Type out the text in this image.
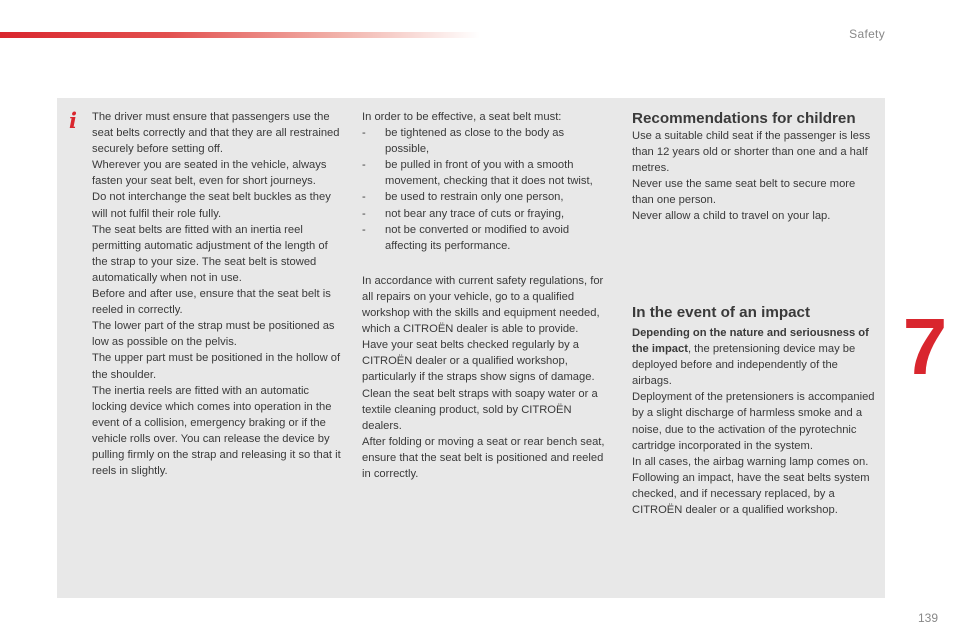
Safety
i The driver must ensure that passengers use the seat belts correctly and that they are all restrained securely before setting off.

Wherever you are seated in the vehicle, always fasten your seat belt, even for short journeys.

Do not interchange the seat belt buckles as they will not fulfil their role fully.

The seat belts are fitted with an inertia reel permitting automatic adjustment of the length of the strap to your size. The seat belt is stowed automatically when not in use.

Before and after use, ensure that the seat belt is reeled in correctly.

The lower part of the strap must be positioned as low as possible on the pelvis.

The upper part must be positioned in the hollow of the shoulder.

The inertia reels are fitted with an automatic locking device which comes into operation in the event of a collision, emergency braking or if the vehicle rolls over. You can release the device by pulling firmly on the strap and releasing it so that it reels in slightly.

In order to be effective, a seat belt must:

- be tightened as close to the body as possible,
- be pulled in front of you with a smooth movement, checking that it does not twist,
- be used to restrain only one person,
- not bear any trace of cuts or fraying,
- not be converted or modified to avoid affecting its performance.

In accordance with current safety regulations, for all repairs on your vehicle, go to a qualified workshop with the skills and equipment needed, which a CITROËN dealer is able to provide.

Have your seat belts checked regularly by a CITROËN dealer or a qualified workshop, particularly if the straps show signs of damage.

Clean the seat belt straps with soapy water or a textile cleaning product, sold by CITROËN dealers.

After folding or moving a seat or rear bench seat, ensure that the seat belt is positioned and reeled in correctly.

Recommendations for children

Use a suitable child seat if the passenger is less than 12 years old or shorter than one and a half metres.

Never use the same seat belt to secure more than one person.

Never allow a child to travel on your lap.

In the event of an impact

Depending on the nature and seriousness of the impact, the pretensioning device may be deployed before and independently of the airbags.

Deployment of the pretensioners is accompanied by a slight discharge of harmless smoke and a noise, due to the activation of the pyrotechnic cartridge incorporated in the system.

In all cases, the airbag warning lamp comes on.

Following an impact, have the seat belts system checked, and if necessary replaced, by a CITROËN dealer or a qualified workshop.

7
139
